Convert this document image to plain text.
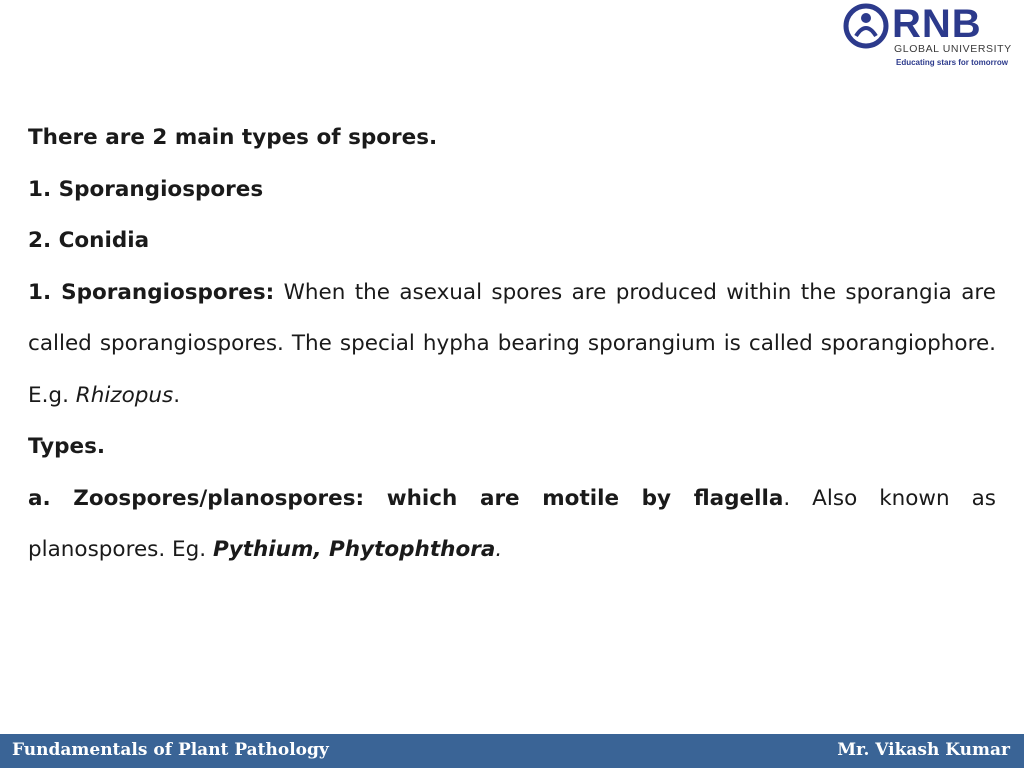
RNB
GLOBAL UNIVERSITY
Educating stars for tomorrow

There are 2 main types of spores.

1. Sporangiospores

2. Conidia

1. Sporangiospores: When the asexual spores are produced within the sporangia are called sporangiospores. The special hypha bearing sporangium is called sporangiophore. E.g. Rhizopus.

Types.

a. Zoospores/planospores: which are motile by flagella. Also known as planospores. Eg. Pythium, Phytophthora.

Fundamentals of Plant Pathology	Mr. Vikash Kumar
